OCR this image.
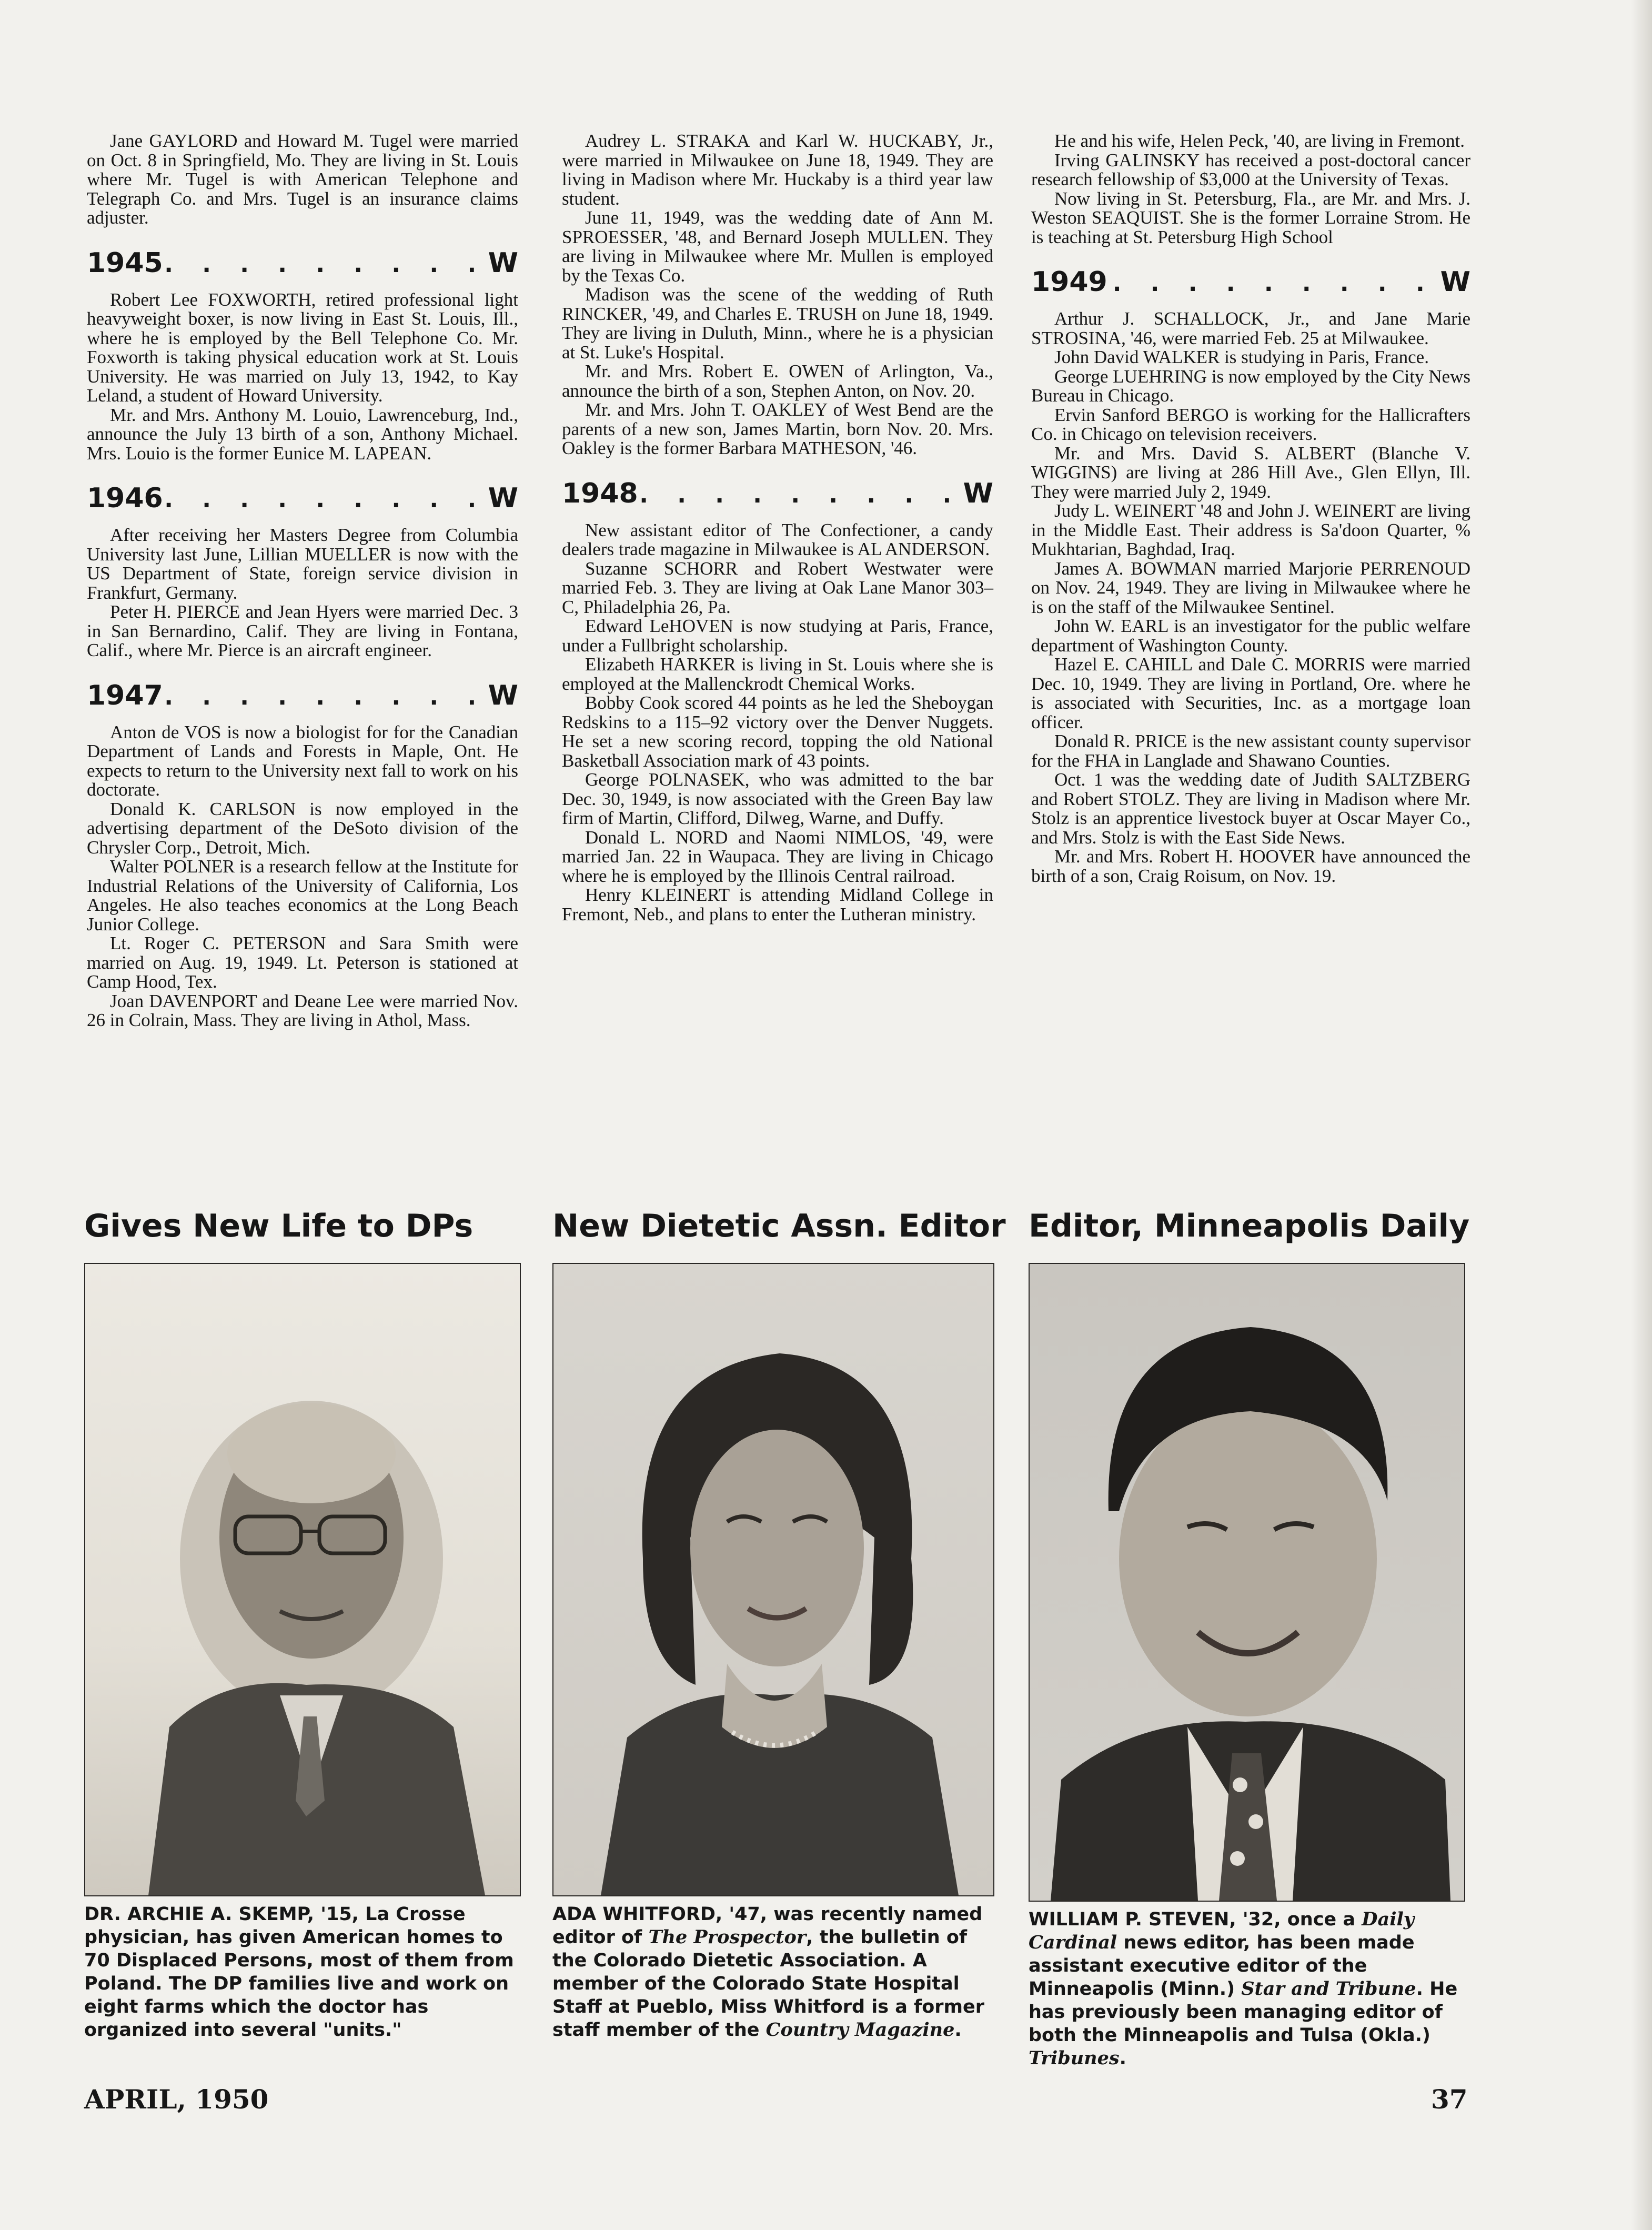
Jane GAYLORD and Howard M. Tugel were married on Oct. 8 in Springfield, Mo. They are living in St. Louis where Mr. Tugel is with American Telephone and Telegraph Co. and Mrs. Tugel is an insurance claims adjuster.

1945 . . . . . . . . . W

Robert Lee FOXWORTH, retired professional light heavyweight boxer, is now living in East St. Louis, Ill., where he is employed by the Bell Telephone Co. Mr. Foxworth is taking physical education work at St. Louis University. He was married on July 13, 1942, to Kay Leland, a student of Howard University.

Mr. and Mrs. Anthony M. Louio, Lawrenceburg, Ind., announce the July 13 birth of a son, Anthony Michael. Mrs. Louio is the former Eunice M. LAPEAN.

1946 . . . . . . . . . W

After receiving her Masters Degree from Columbia University last June, Lillian MUELLER is now with the US Department of State, foreign service division in Frankfurt, Germany.

Peter H. PIERCE and Jean Hyers were married Dec. 3 in San Bernardino, Calif. They are living in Fontana, Calif., where Mr. Pierce is an aircraft engineer.

1947 . . . . . . . . . W

Anton de VOS is now a biologist for for the Canadian Department of Lands and Forests in Maple, Ont. He expects to return to the University next fall to work on his doctorate.

Donald K. CARLSON is now employed in the advertising department of the DeSoto division of the Chrysler Corp., Detroit, Mich.

Walter POLNER is a research fellow at the Institute for Industrial Relations of the University of California, Los Angeles. He also teaches economics at the Long Beach Junior College.

Lt. Roger C. PETERSON and Sara Smith were married on Aug. 19, 1949. Lt. Peterson is stationed at Camp Hood, Tex.

Joan DAVENPORT and Deane Lee were married Nov. 26 in Colrain, Mass. They are living in Athol, Mass.

Audrey L. STRAKA and Karl W. HUCKABY, Jr., were married in Milwaukee on June 18, 1949. They are living in Madison where Mr. Huckaby is a third year law student.

June 11, 1949, was the wedding date of Ann M. SPROESSER, '48, and Bernard Joseph MULLEN. They are living in Milwaukee where Mr. Mullen is employed by the Texas Co.

Madison was the scene of the wedding of Ruth RINCKER, '49, and Charles E. TRUSH on June 18, 1949. They are living in Duluth, Minn., where he is a physician at St. Luke's Hospital.

Mr. and Mrs. Robert E. OWEN of Arlington, Va., announce the birth of a son, Stephen Anton, on Nov. 20.

Mr. and Mrs. John T. OAKLEY of West Bend are the parents of a new son, James Martin, born Nov. 20. Mrs. Oakley is the former Barbara MATHESON, '46.

1948 . . . . . . . . . W

New assistant editor of The Confectioner, a candy dealers trade magazine in Milwaukee is AL ANDERSON.

Suzanne SCHORR and Robert Westwater were married Feb. 3. They are living at Oak Lane Manor 303–C, Philadelphia 26, Pa.

Edward LeHOVEN is now studying at Paris, France, under a Fullbright scholarship.

Elizabeth HARKER is living in St. Louis where she is employed at the Mallenckrodt Chemical Works.

Bobby Cook scored 44 points as he led the Sheboygan Redskins to a 115–92 victory over the Denver Nuggets. He set a new scoring record, topping the old National Basketball Association mark of 43 points.

George POLNASEK, who was admitted to the bar Dec. 30, 1949, is now associated with the Green Bay law firm of Martin, Clifford, Dilweg, Warne, and Duffy.

Donald L. NORD and Naomi NIMLOS, '49, were married Jan. 22 in Waupaca. They are living in Chicago where he is employed by the Illinois Central railroad.

Henry KLEINERT is attending Midland College in Fremont, Neb., and plans to enter the Lutheran ministry.

He and his wife, Helen Peck, '40, are living in Fremont.

Irving GALINSKY has received a post-doctoral cancer research fellowship of $3,000 at the University of Texas.

Now living in St. Petersburg, Fla., are Mr. and Mrs. J. Weston SEAQUIST. She is the former Lorraine Strom. He is teaching at St. Petersburg High School

1949 . . . . . . . . . W

Arthur J. SCHALLOCK, Jr., and Jane Marie STROSINA, '46, were married Feb. 25 at Milwaukee.

John David WALKER is studying in Paris, France.

George LUEHRING is now employed by the City News Bureau in Chicago.

Ervin Sanford BERGO is working for the Hallicrafters Co. in Chicago on television receivers.

Mr. and Mrs. David S. ALBERT (Blanche V. WIGGINS) are living at 286 Hill Ave., Glen Ellyn, Ill. They were married July 2, 1949.

Judy L. WEINERT '48 and John J. WEINERT are living in the Middle East. Their address is Sa'doon Quarter, % Mukhtarian, Baghdad, Iraq.

James A. BOWMAN married Marjorie PERRENOUD on Nov. 24, 1949. They are living in Milwaukee where he is on the staff of the Milwaukee Sentinel.

John W. EARL is an investigator for the public welfare department of Washington County.

Hazel E. CAHILL and Dale C. MORRIS were married Dec. 10, 1949. They are living in Portland, Ore. where he is associated with Securities, Inc. as a mortgage loan officer.

Donald R. PRICE is the new assistant county supervisor for the FHA in Langlade and Shawano Counties.

Oct. 1 was the wedding date of Judith SALTZBERG and Robert STOLZ. They are living in Madison where Mr. Stolz is an apprentice livestock buyer at Oscar Mayer Co., and Mrs. Stolz is with the East Side News.

Mr. and Mrs. Robert H. HOOVER have announced the birth of a son, Craig Roisum, on Nov. 19.

Gives New Life to DPs
DR. ARCHIE A. SKEMP, '15, La Crosse physician, has given American homes to 70 Displaced Persons, most of them from Poland. The DP families live and work on eight farms which the doctor has organized into several "units."
New Dietetic Assn. Editor
ADA WHITFORD, '47, was recently named editor of The Prospector, the bulletin of the Colorado Dietetic Association. A member of the Colorado State Hospital Staff at Pueblo, Miss Whitford is a former staff member of the Country Magazine.
Editor, Minneapolis Daily
WILLIAM P. STEVEN, '32, once a Daily Cardinal news editor, has been made assistant executive editor of the Minneapolis (Minn.) Star and Tribune. He has previously been managing editor of both the Minneapolis and Tulsa (Okla.) Tribunes.
APRIL, 1950	37
